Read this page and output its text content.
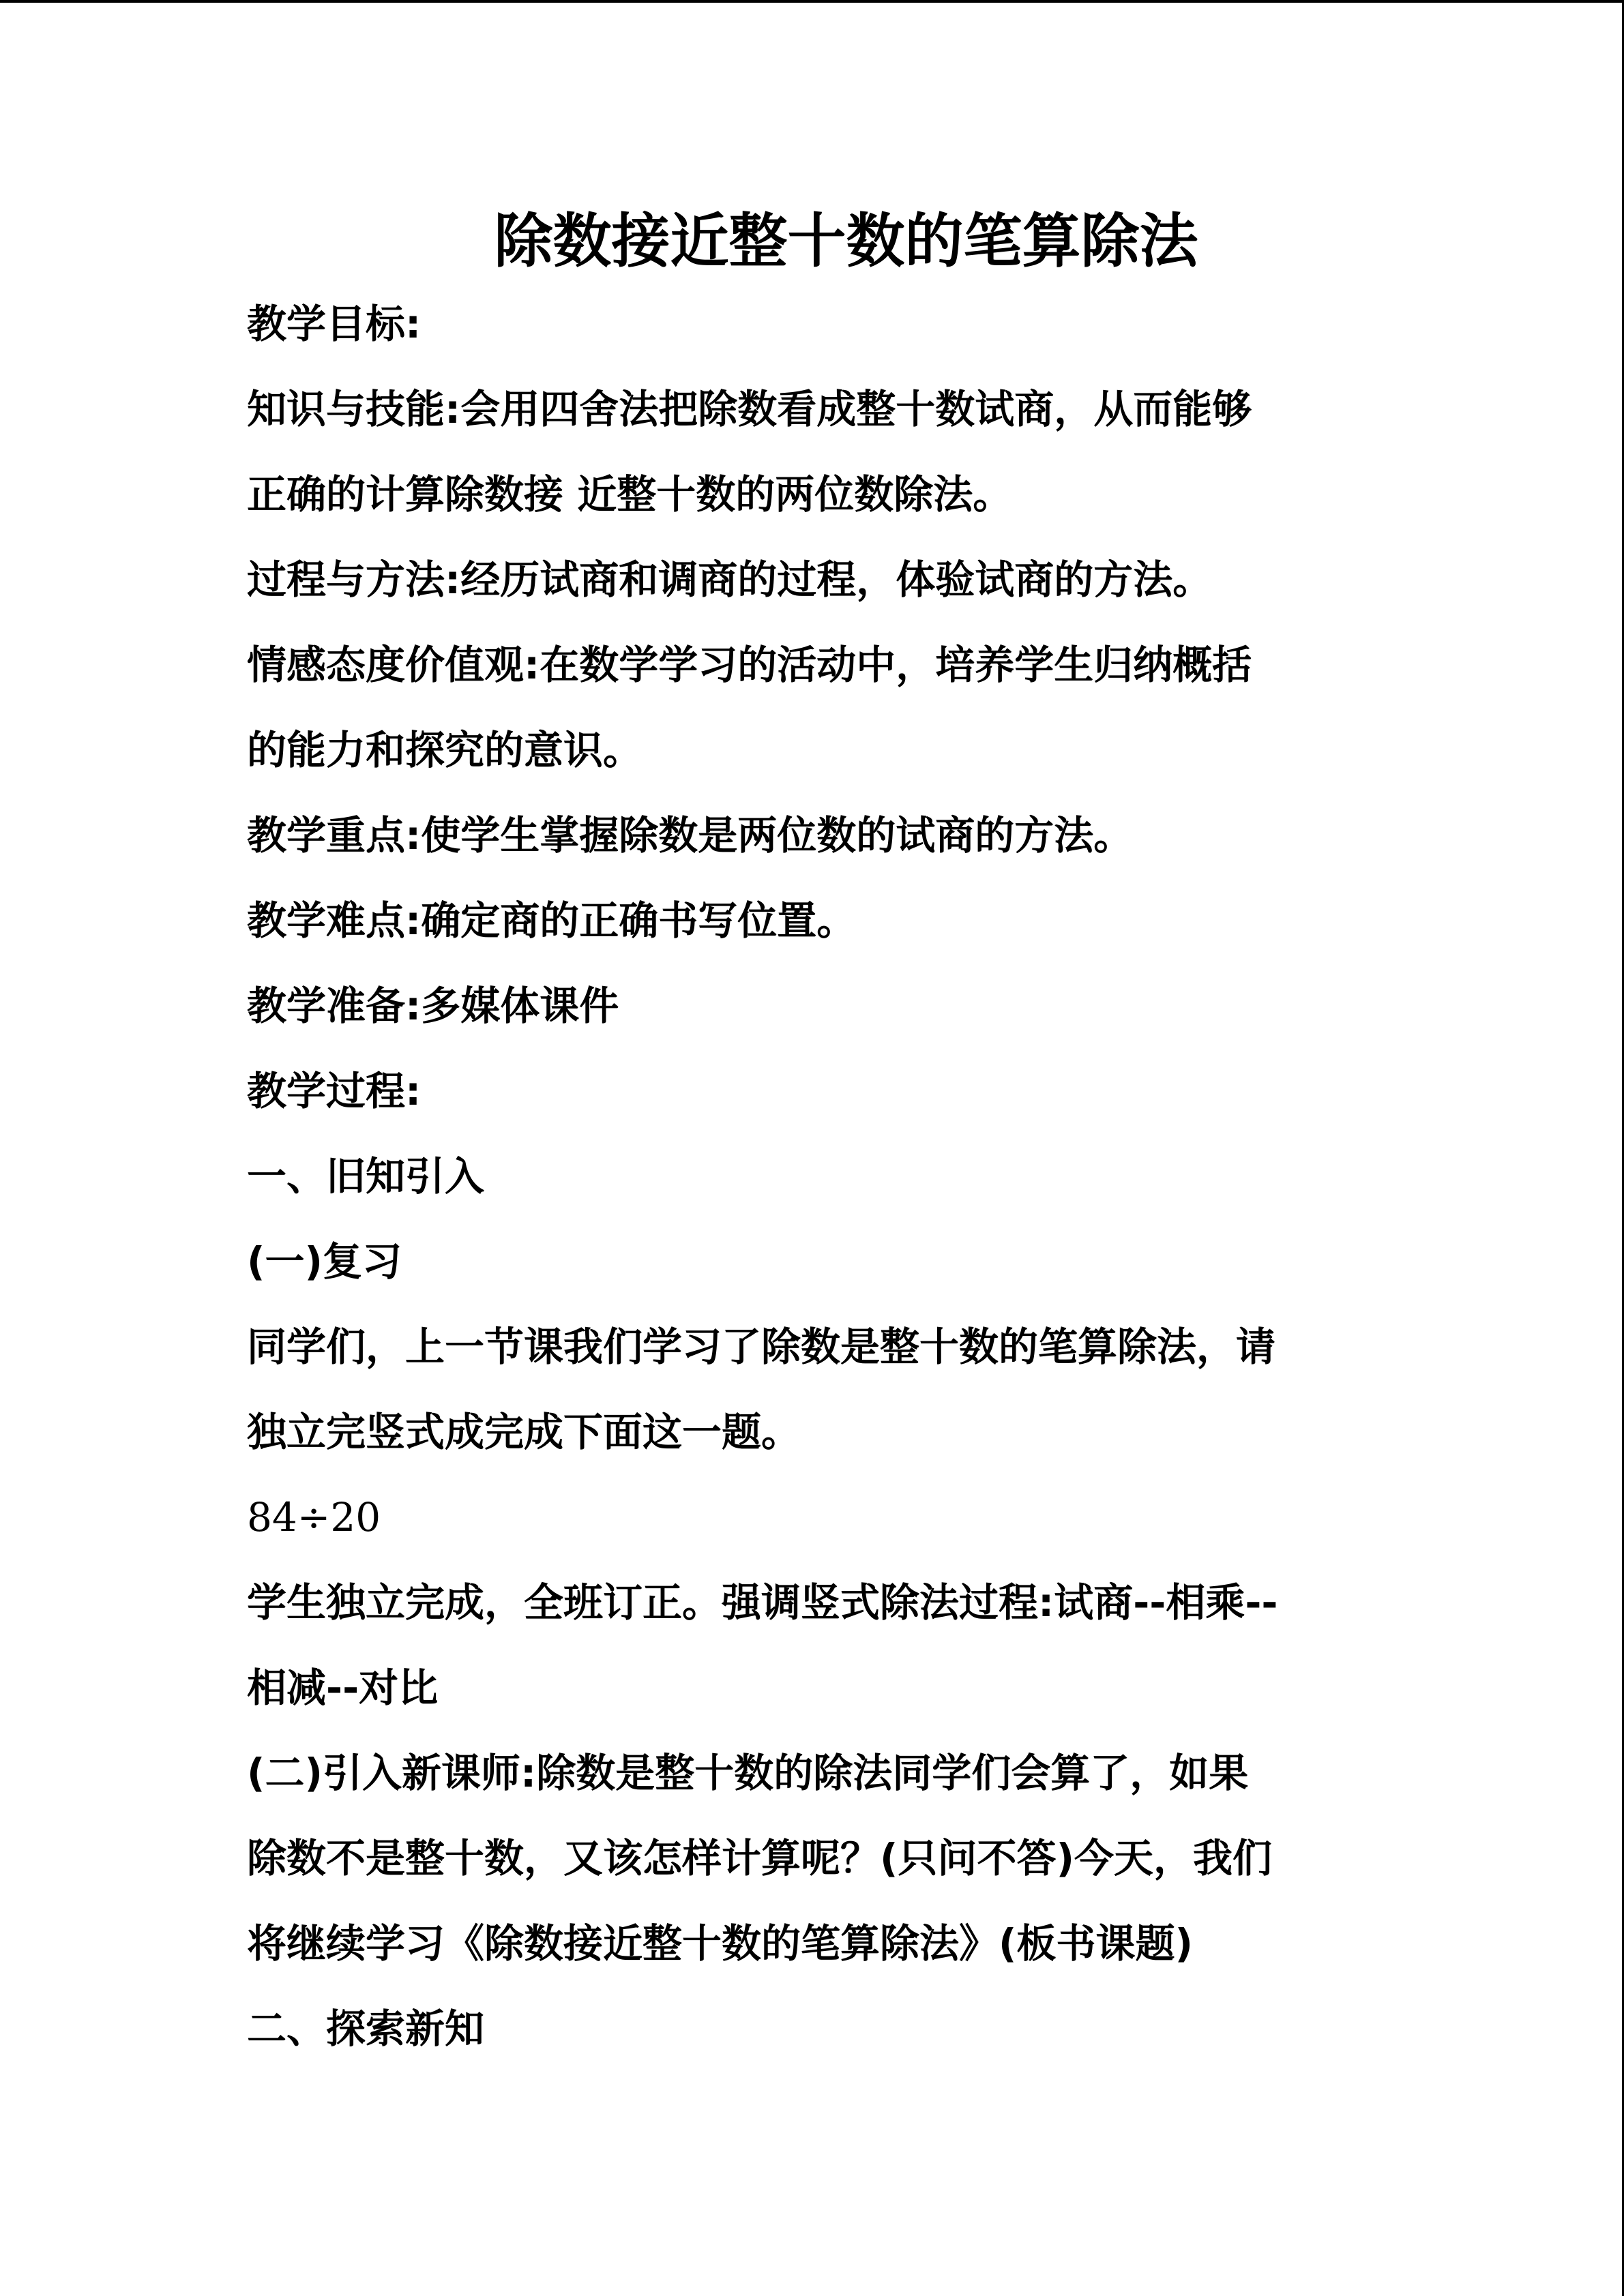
除数接近整十数的笔算除法

教学目标:

知识与技能:会用四舍法把除数看成整十数试商，从而能够

正确的计算除数接 近整十数的两位数除法。

过程与方法:经历试商和调商的过程，体验试商的方法。

情感态度价值观:在数学学习的活动中，培养学生归纳概括

的能力和探究的意识。

教学重点:使学生掌握除数是两位数的试商的方法。

教学难点:确定商的正确书写位置。

教学准备:多媒体课件

教学过程:

一、旧知引入

(一)复习

同学们，上一节课我们学习了除数是整十数的笔算除法，请

独立完竖式成完成下面这一题。

84÷20

学生独立完成，全班订正。强调竖式除法过程:试商--相乘--

相减--对比

(二)引入新课师:除数是整十数的除法同学们会算了，如果

除数不是整十数，又该怎样计算呢？(只问不答)今天，我们

将继续学习《除数接近整十数的笔算除法》(板书课题)

二、探索新知
